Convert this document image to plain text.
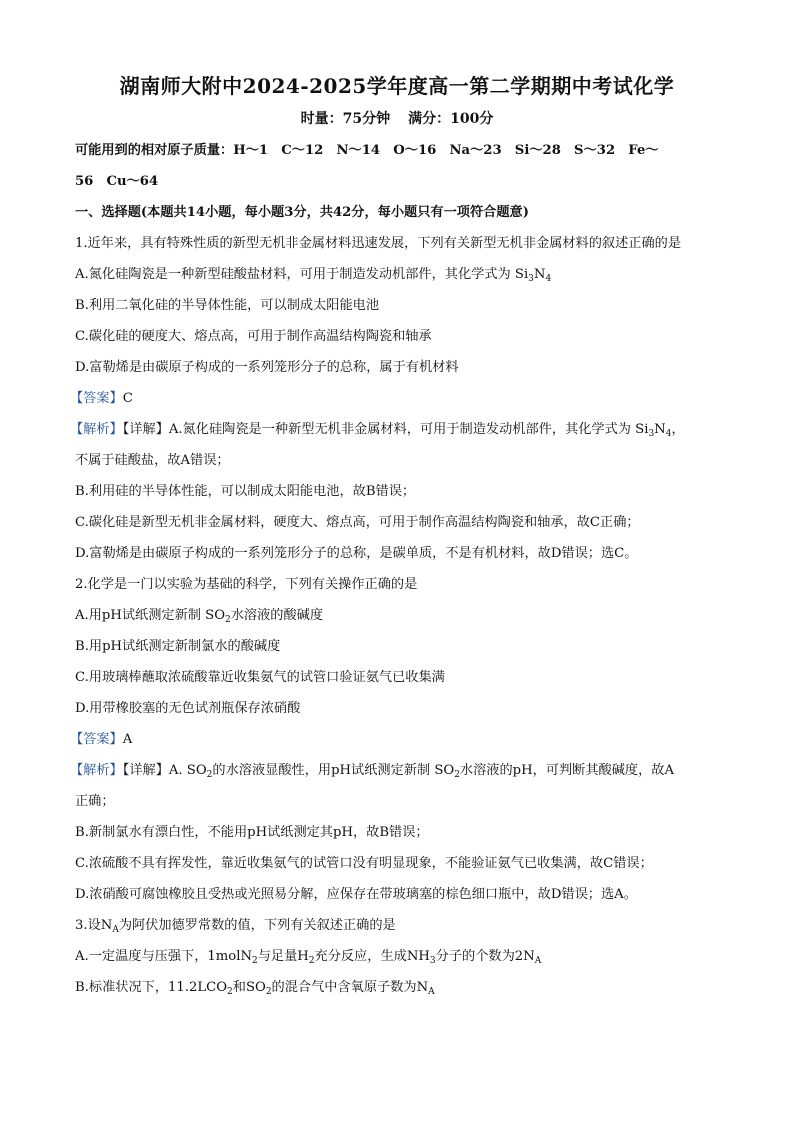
湖南师大附中2024-2025学年度高一第二学期期中考试化学
时量：75分钟 满分：100分
可能用到的相对原子质量：H～1　C～12　N～14　O～16　Na～23　Si～28　S～32　Fe～
56　Cu～64
一、选择题(本题共14小题，每小题3分，共42分，每小题只有一项符合题意)
1.近年来，具有特殊性质的新型无机非金属材料迅速发展，下列有关新型无机非金属材料的叙述正确的是
A.氮化硅陶瓷是一种新型硅酸盐材料，可用于制造发动机部件，其化学式为 $Si_3N_4$
B.利用二氧化硅的半导体性能，可以制成太阳能电池
C.碳化硅的硬度大、熔点高，可用于制作高温结构陶瓷和轴承
D.富勒烯是由碳原子构成的一系列笼形分子的总称，属于有机材料
【答案】C
【解析】【详解】A.氮化硅陶瓷是一种新型无机非金属材料，可用于制造发动机部件，其化学式为 $Si_3N_4$，
不属于硅酸盐，故A错误；
B.利用硅的半导体性能，可以制成太阳能电池，故B错误；
C.碳化硅是新型无机非金属材料，硬度大、熔点高，可用于制作高温结构陶瓷和轴承，故C正确；
D.富勒烯是由碳原子构成的一系列笼形分子的总称，是碳单质，不是有机材料，故D错误；选C。
2.化学是一门以实验为基础的科学，下列有关操作正确的是
A.用pH试纸测定新制 $SO_2$水溶液的酸碱度
B.用pH试纸测定新制氯水的酸碱度
C.用玻璃棒蘸取浓硫酸靠近收集氨气的试管口验证氨气已收集满
D.用带橡胶塞的无色试剂瓶保存浓硝酸
【答案】A
【解析】【详解】A. $SO_2$的水溶液显酸性，用pH试纸测定新制 $SO_2$水溶液的pH，可判断其酸碱度，故A
正确；
B.新制氯水有漂白性，不能用pH试纸测定其pH，故B错误；
C.浓硫酸不具有挥发性，靠近收集氨气的试管口没有明显现象，不能验证氨气已收集满，故C错误；
D.浓硝酸可腐蚀橡胶且受热或光照易分解，应保存在带玻璃塞的棕色细口瓶中，故D错误；选A。
3.设$N_A$为阿伏加德罗常数的值，下列有关叙述正确的是
A.一定温度与压强下，1molN$_2$与足量$H_2$充分反应，生成$NH_3$分子的个数为$2N_A$
B.标准状况下，$11.2LCO_2$和$SO_2$的混合气中含氧原子数为$N_A$
